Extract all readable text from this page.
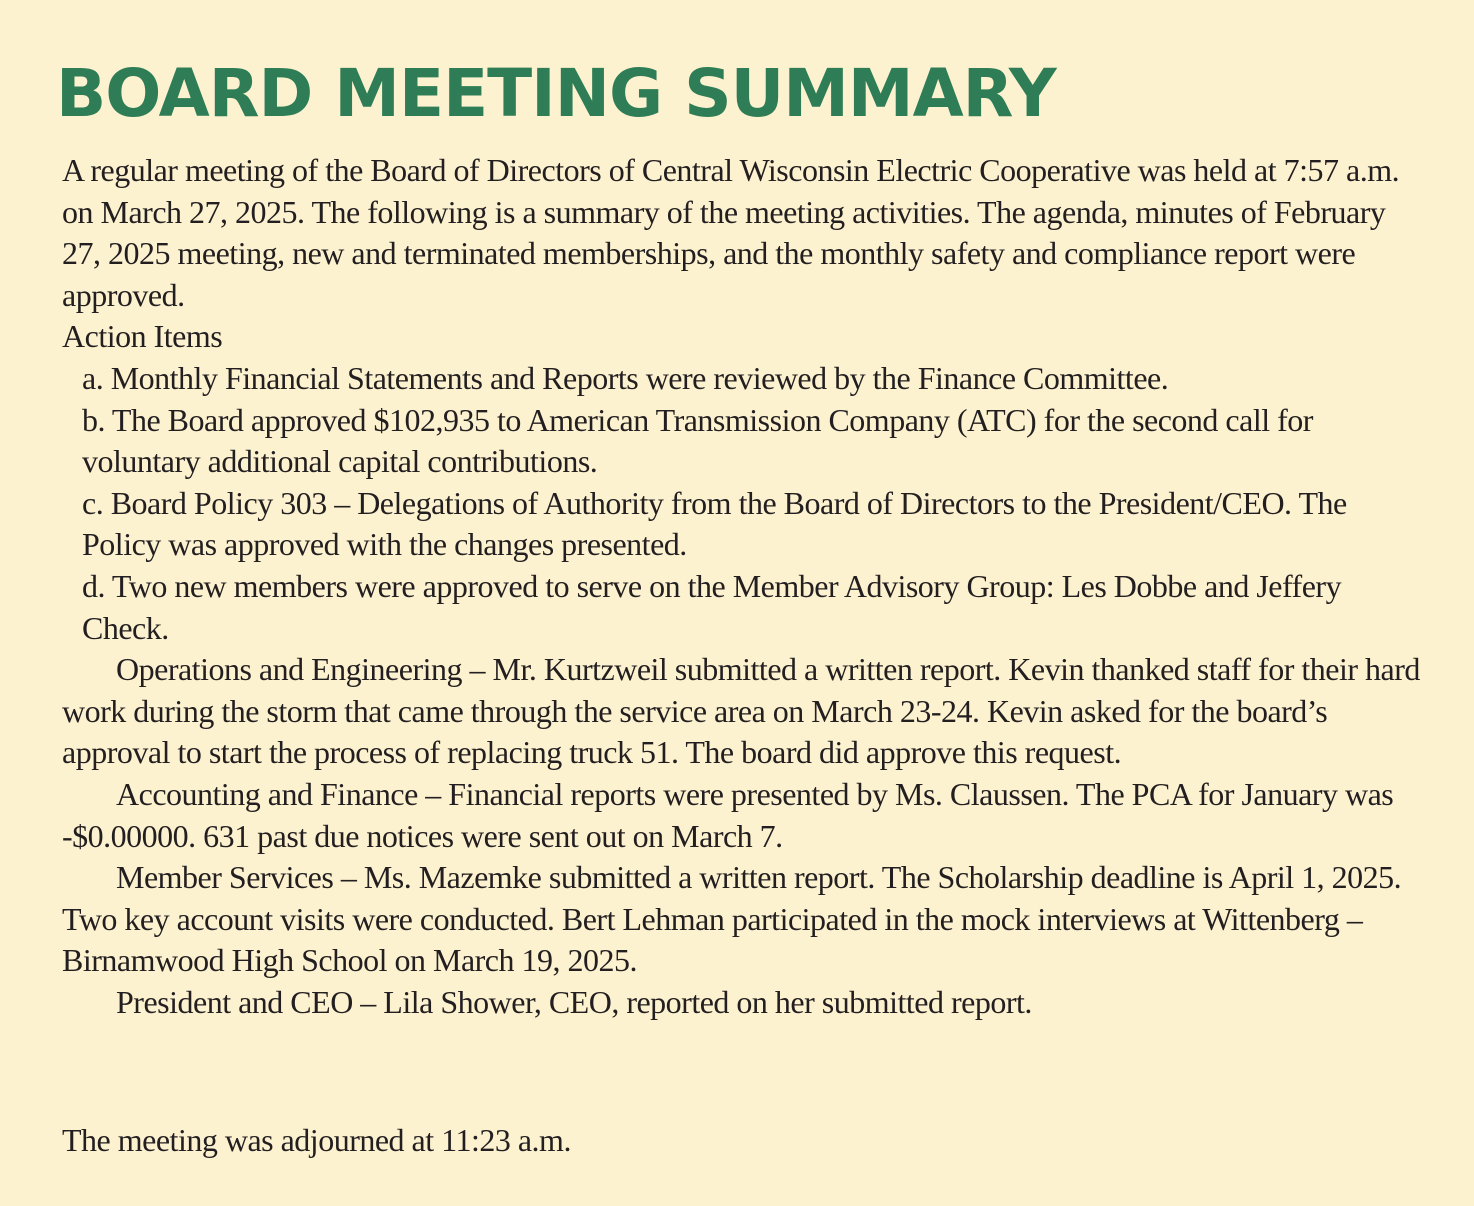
BOARD MEETING SUMMARY

A regular meeting of the Board of Directors of Central Wisconsin Electric Cooperative was held at 7:57 a.m. on March 27, 2025. The following is a summary of the meeting activities. The agenda, minutes of February 27, 2025 meeting, new and terminated memberships, and the monthly safety and compliance report were approved.

Action Items

a. Monthly Financial Statements and Reports were reviewed by the Finance Committee.

b. The Board approved $102,935 to American Transmission Company (ATC) for the second call for voluntary additional capital contributions.

c. Board Policy 303 – Delegations of Authority from the Board of Directors to the President/CEO. The Policy was approved with the changes presented.

d. Two new members were approved to serve on the Member Advisory Group: Les Dobbe and Jeffery Check.

Operations and Engineering – Mr. Kurtzweil submitted a written report. Kevin thanked staff for their hard work during the storm that came through the service area on March 23-24. Kevin asked for the board’s approval to start the process of replacing truck 51. The board did approve this request.

Accounting and Finance – Financial reports were presented by Ms. Claussen. The PCA for January was -$0.00000. 631 past due notices were sent out on March 7.

Member Services – Ms. Mazemke submitted a written report. The Scholarship deadline is April 1, 2025. Two key account visits were conducted. Bert Lehman participated in the mock interviews at Wittenberg – Birnamwood High School on March 19, 2025.

President and CEO – Lila Shower, CEO, reported on her submitted report.

The meeting was adjourned at 11:23 a.m.
